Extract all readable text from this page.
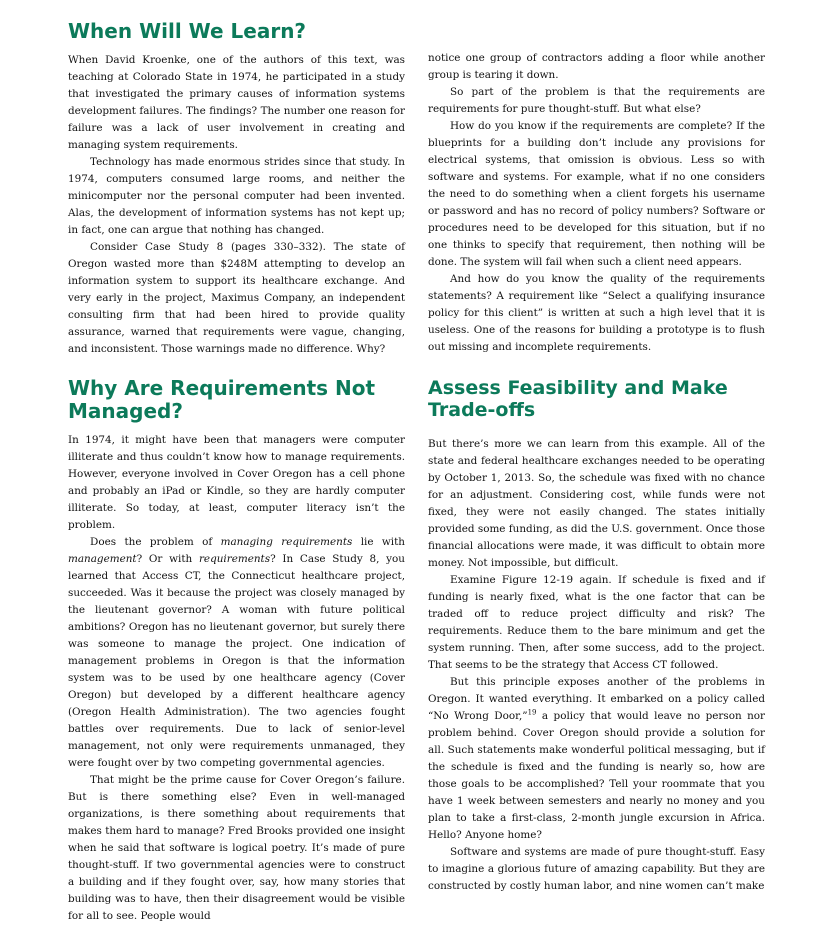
When Will We Learn?

When David Kroenke, one of the authors of this text, was teaching at Colorado State in 1974, he participated in a study that investigated the primary causes of information systems development failures. The findings? The number one reason for failure was a lack of user involvement in creating and managing system requirements.

Technology has made enormous strides since that study. In 1974, computers consumed large rooms, and neither the minicomputer nor the personal computer had been invented. Alas, the development of information systems has not kept up; in fact, one can argue that nothing has changed.

Consider Case Study 8 (pages 330–332). The state of Oregon wasted more than $248M attempting to develop an information system to support its healthcare exchange. And very early in the project, Maximus Company, an independent consulting firm that had been hired to provide quality assurance, warned that requirements were vague, changing, and inconsistent. Those warnings made no difference. Why?

Why Are Requirements Not Managed?

In 1974, it might have been that managers were computer illiterate and thus couldn’t know how to manage requirements. However, everyone involved in Cover Oregon has a cell phone and probably an iPad or Kindle, so they are hardly computer illiterate. So today, at least, computer literacy isn’t the problem.

Does the problem of managing requirements lie with management? Or with requirements? In Case Study 8, you learned that Access CT, the Connecticut healthcare project, succeeded. Was it because the project was closely managed by the lieutenant governor? A woman with future political ambitions? Oregon has no lieutenant governor, but surely there was someone to manage the project. One indication of management problems in Oregon is that the information system was to be used by one healthcare agency (Cover Oregon) but developed by a different healthcare agency (Oregon Health Administration). The two agencies fought battles over requirements. Due to lack of senior-level management, not only were requirements unmanaged, they were fought over by two competing governmental agencies.

That might be the prime cause for Cover Oregon’s failure. But is there something else? Even in well-managed organizations, is there something about requirements that makes them hard to manage? Fred Brooks provided one insight when he said that software is logical poetry. It’s made of pure thought-stuff. If two governmental agencies were to construct a building and if they fought over, say, how many stories that building was to have, then their disagreement would be visible for all to see. People would

notice one group of contractors adding a floor while another group is tearing it down.

So part of the problem is that the requirements are requirements for pure thought-stuff. But what else?

How do you know if the requirements are complete? If the blueprints for a building don’t include any provisions for electrical systems, that omission is obvious. Less so with software and systems. For example, what if no one considers the need to do something when a client forgets his username or password and has no record of policy numbers? Software or procedures need to be developed for this situation, but if no one thinks to specify that requirement, then nothing will be done. The system will fail when such a client need appears.

And how do you know the quality of the requirements statements? A requirement like “Select a qualifying insurance policy for this client” is written at such a high level that it is useless. One of the reasons for building a prototype is to flush out missing and incomplete requirements.

Assess Feasibility and Make Trade-offs

But there’s more we can learn from this example. All of the state and federal healthcare exchanges needed to be operating by October 1, 2013. So, the schedule was fixed with no chance for an adjustment. Considering cost, while funds were not fixed, they were not easily changed. The states initially provided some funding, as did the U.S. government. Once those financial allocations were made, it was difficult to obtain more money. Not impossible, but difficult.

Examine Figure 12-19 again. If schedule is fixed and if funding is nearly fixed, what is the one factor that can be traded off to reduce project difficulty and risk? The requirements. Reduce them to the bare minimum and get the system running. Then, after some success, add to the project. That seems to be the strategy that Access CT followed.

But this principle exposes another of the problems in Oregon. It wanted everything. It embarked on a policy called “No Wrong Door,”$^{19}$ a policy that would leave no person nor problem behind. Cover Oregon should provide a solution for all. Such statements make wonderful political messaging, but if the schedule is fixed and the funding is nearly so, how are those goals to be accomplished? Tell your roommate that you have 1 week between semesters and nearly no money and you plan to take a first-class, 2-month jungle excursion in Africa. Hello? Anyone home?

Software and systems are made of pure thought-stuff. Easy to imagine a glorious future of amazing capability. But they are constructed by costly human labor, and nine women can’t make
